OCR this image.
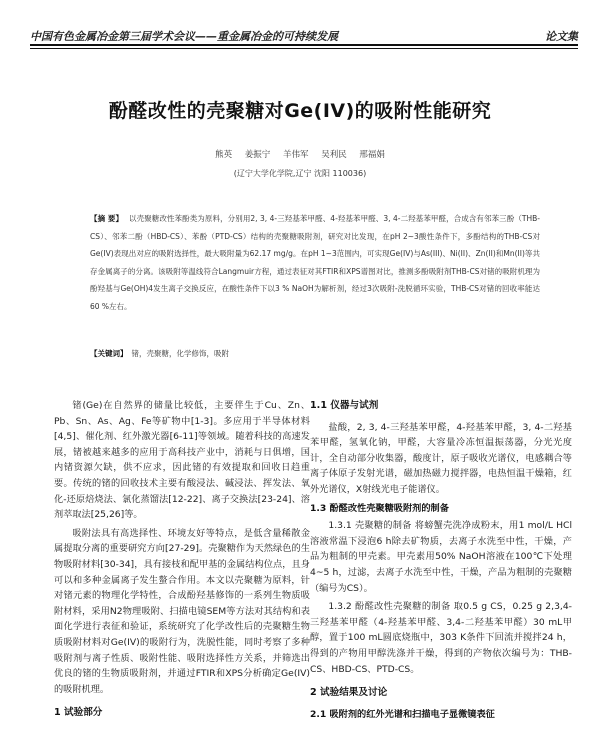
中国有色金属冶金第三届学术会议——重金属冶金的可持续发展	论文集
酚醛改性的壳聚糖对Ge(IV)的吸附性能研究
熊英 姜振宁 羊伟军 吴利民 邢福娟
(辽宁大学化学院,辽宁 沈阳 110036)
【摘 要】 以壳聚糖改性苯酚类为原料，分别用2, 3, 4-三羟基苯甲醛、4-羟基苯甲醛、3, 4-二羟基苯甲醛，合成含有邻苯三酚（THB-CS）、邻苯二酚（HBD-CS）、苯酚（PTD-CS）结构的壳聚糖吸附剂，研究对比发现，在pH 2~3酸性条件下，多酚结构的THB-CS对Ge(IV)表现出对应的吸附选择性，最大吸附量为62.17 mg/g。在pH 1~3范围内，可实现Ge(IV)与As(III)、Ni(II)、Zn(II)和Mn(II)等共存金属离子的分离。该吸附等温线符合Langmuir方程，通过表征对其FTIR和XPS谱图对比，推测多酚吸附剂THB-CS对锗的吸附机理为酚羟基与Ge(OH)4发生离子交换反应，在酸性条件下以3 % NaOH为解析剂，经过3次吸附-洗脱循环实验，THB-CS对锗的回收率能达60 %左右。
【关键词】 锗，壳聚糖，化学修饰，吸附

锗(Ge)在自然界的储量比较低，主要伴生于Cu、Zn、Pb、Sn、As、Ag、Fe等矿物中[1-3]。多应用于半导体材料[4,5]、催化剂、红外激光器[6-11]等领域。随着科技的高速发展，锗被越来越多的应用于高科技产业中，消耗与日俱增，国内锗资源欠缺，供不应求，因此锗的有效提取和回收日趋重要。传统的锗的回收技术主要有酸浸法、碱浸法、挥发法、氧化-还原焙烧法、氯化蒸馏法[12-22]、离子交换法[23-24]、溶剂萃取法[25,26]等。

吸附法具有高选择性、环境友好等特点，是低含量稀散金属提取分离的重要研究方向[27-29]。壳聚糖作为天然绿色的生物吸附材料[30-34]，具有接枝和配甲基的金属结构位点，且身可以和多种金属离子发生螯合作用。本文以壳聚糖为原料，针对锗元素的物理化学特性，合成酚羟基修饰的一系列生物质吸附材料，采用N2物理吸附、扫描电镜SEM等方法对其结构和表面化学进行表征和验证，系统研究了化学改性后的壳聚糖生物质吸附材料对Ge(IV)的吸附行为，洗脱性能，同时考察了多种吸附剂与离子性质、吸附性能、吸附选择性方关系，并筛选出优良的锗的生物质吸附剂，并通过FTIR和XPS分析确定Ge(IV)的吸附机理。

1 试验部分
1.1 仪器与试剂

盐酸，2, 3, 4-三羟基苯甲醛，4-羟基苯甲醛，3, 4-二羟基苯甲醛，氢氧化钠，甲醛，大容量冷冻恒温振荡器，分光光度计，全自动部分收集器，酸度计，原子吸收光谱仪，电感耦合等离子体原子发射光谱，磁加热磁力搅拌器，电热恒温干燥箱，红外光谱仪，X射线光电子能谱仪。

1.3 酚醛改性壳聚糖吸附剂的制备

1.3.1 壳聚糖的制备 将螃蟹壳洗净成粉末，用1 mol/L HCl溶液常温下浸泡6 h除去矿物质，去离子水洗至中性，干燥，产品为粗制的甲壳素。甲壳素用50% NaOH溶液在100℃下处理4~5 h，过滤，去离子水洗至中性，干燥，产品为粗制的壳聚糖（编号为CS）。

1.3.2 酚醛改性壳聚糖的制备 取0.5 g CS，0.25 g 2,3,4-三羟基苯甲醛（4-羟基苯甲醛、3,4-二羟基苯甲醛）30 mL甲醇，置于100 mL圆底烧瓶中，303 K条件下回流并搅拌24 h，得到的产物用甲醇洗涤并干燥，得到的产物依次编号为：THB-CS、HBD-CS、PTD-CS。

2 试验结果及讨论
2.1 吸附剂的红外光谱和扫描电子显微镜表征
